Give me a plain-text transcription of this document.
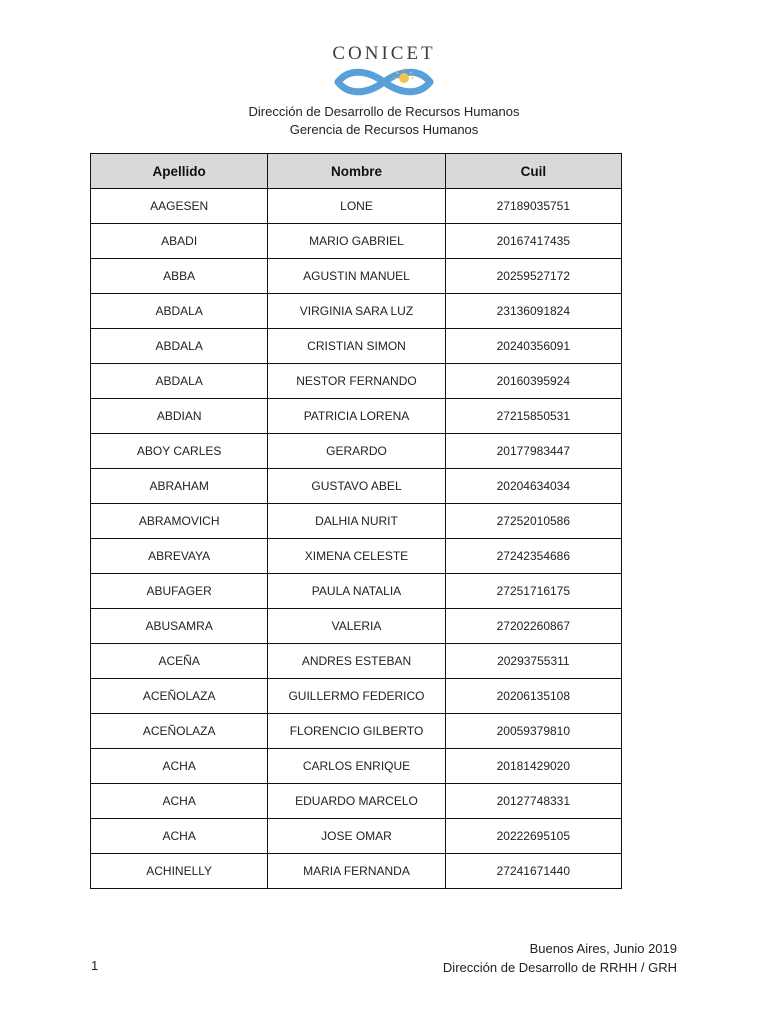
CONICET
Dirección de Desarrollo de Recursos Humanos
Gerencia de Recursos Humanos
Apellido	Nombre	Cuil
AAGESEN	LONE	27189035751
ABADI	MARIO GABRIEL	20167417435
ABBA	AGUSTIN MANUEL	20259527172
ABDALA	VIRGINIA SARA LUZ	23136091824
ABDALA	CRISTIAN SIMON	20240356091
ABDALA	NESTOR FERNANDO	20160395924
ABDIAN	PATRICIA LORENA	27215850531
ABOY CARLES	GERARDO	20177983447
ABRAHAM	GUSTAVO ABEL	20204634034
ABRAMOVICH	DALHIA NURIT	27252010586
ABREVAYA	XIMENA CELESTE	27242354686
ABUFAGER	PAULA NATALIA	27251716175
ABUSAMRA	VALERIA	27202260867
ACEÑA	ANDRES ESTEBAN	20293755311
ACEÑOLAZA	GUILLERMO FEDERICO	20206135108
ACEÑOLAZA	FLORENCIO GILBERTO	20059379810
ACHA	CARLOS ENRIQUE	20181429020
ACHA	EDUARDO MARCELO	20127748331
ACHA	JOSE OMAR	20222695105
ACHINELLY	MARIA FERNANDA	27241671440
1
Buenos Aires, Junio 2019
Dirección de Desarrollo de RRHH / GRH
